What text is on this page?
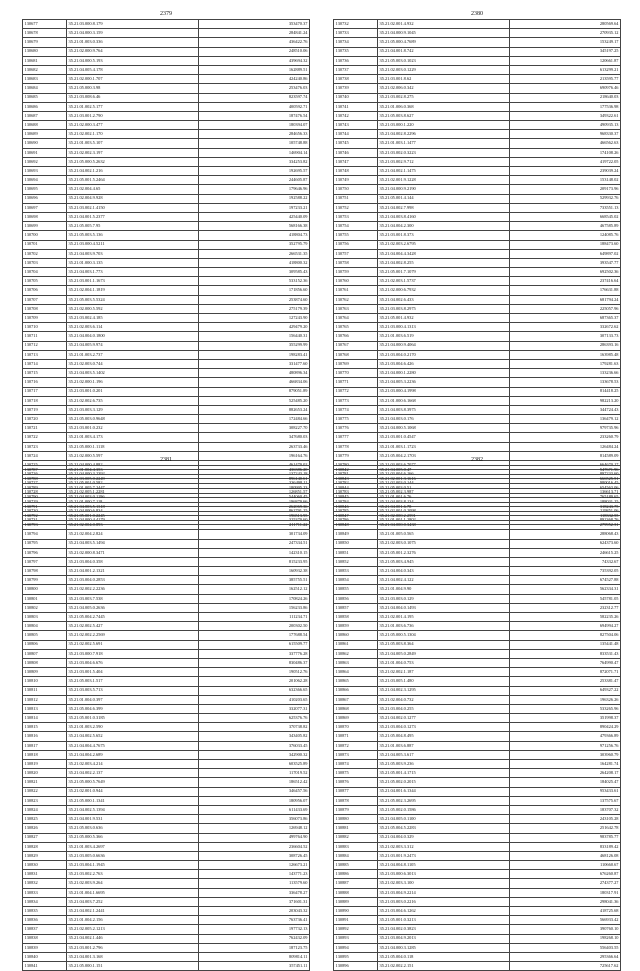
2379
130677	35.21.03.000.8.179	353470.37
130678	35.21.04.000.3.159	284841.24
130679	35.21.01.003.0.336	436422.76
130680	35.21.02.000.9.764	248510.06
130681	35.21.04.000.5.193	439694.32
130682	35.21.04.005.4.178	162889.51
130683	35.21.02.000.1.707	424240.86
130684	35.21.05.000.3.98	253476.03
130685	35.21.03.008.6.46	823597.74
130686	35.21.01.002.5.177	400592.71
130687	35.21.03.001.2.790	187476.54
130688	35.21.02.000.3.477	180394.07
130689	35.21.02.002.1.170	284656.33
130690	35.21.01.003.5.107	105748.88
130691	35.21.02.002.3.197	146904.14
130692	35.21.05.000.5.2632	334253.82
130693	35.21.04.002.1.216	192695.57
130694	35.21.05.001.5.2464	244605.87
130695	35.21.02.004.4.65	179646.96
130696	35.21.02.004.9.928	192588.22
130697	35.21.03.002.1.4150	197233.21
130698	35.21.04.001.5.2377	425440.09
130699	35.21.05.005.7.95	568166.38
130700	35.21.05.003.5.136	418804.73
130701	35.21.03.000.4.5211	352795.79
130702	35.21.04.003.9.703	266531.35
130703	35.21.01.000.3.135	418800.32
130704	35.21.04.003.1.773	309585.43
130705	35.21.03.001.1.1673	533152.36
130706	35.21.02.004.1.1819	171856.60
130707	35.21.05.003.5.5324	253874.60
130708	35.21.02.000.5.592	275179.39
130709	35.21.03.002.4.185	127243.90
130710	35.21.02.003.6.114	429479.20
130711	35.21.04.004.0.1800	156440.31
130712	35.21.04.005.9.974	355299.99
130713	35.21.01.003.2.737	198283.41
130714	35.21.02.003.0.744	331477.60
130715	35.21.04.003.5.1402	480896.34
130716	35.21.02.000.1.196	466834.06
130717	35.21.03.001.0.201	879051.89
130718	35.21.02.002.6.735	525485.20
130719	35.21.03.003.3.129	882653.24
130720	35.21.05.003.0.9648	172484.66
130721	35.21.03.001.0.232	308227.70
130722	35.21.01.003.4.173	347680.03
130723	35.21.05.000.1.1118	263733.46
130724	35.21.02.000.5.597	196164.76
130725	35.21.04.000.4.882	461479.02
130726	35.21.04.000.3.2392	137243.18
130727	35.21.05.001.0.582	336498.11
130728	35.21.02.005.1.2281	126851.57
130729	35.21.01.000.7.118	196879.66
130730	35.21.04.000.6.834	862791.25
130731	35.21.04.000.4.4179	325379.60
2380
130732	35.21.02.001.4.932	280569.64
130733	35.21.04.000.9.1045	270935.12
130734	35.21.05.000.4.7689	153249.17
130735	35.21.04.001.8.742	345197.25
130736	35.21.05.003.0.1023	120661.87
130737	35.21.02.003.0.1229	613299.21
130738	35.21.03.001.8.62	213595.77
130739	35.21.02.006.0.342	690976.46
130740	35.21.03.002.8.275	218640.03
130741	35.21.01.006.0.368	177536.98
130742	35.21.05.003.8.627	349322.61
130743	35.21.03.000.1.220	490935.13
130744	35.21.04.002.8.2296	968330.37
130745	35.21.01.003.1.1477	466562.63
130746	35.21.03.002.0.3223	174108.26
130747	35.21.03.002.9.712	419722.05
130748	35.21.04.002.1.1475	239039.24
130749	35.21.02.001.9.1228	153148.02
130750	35.21.04.000.9.2190	209173.96
130751	35.21.05.001.4.144	529932.76
130752	35.21.04.002.7.998	733551.13
130753	35.21.04.003.8.4160	668545.02
130754	35.21.04.004.2.300	467585.89
130755	35.21.03.001.8.373	124085.76
130756	35.21.02.003.2.6795	188473.60
130757	35.21.04.004.4.3428	649897.02
130758	35.21.04.002.8.255	393547.77
130759	35.21.05.001.7.1079	692502.36
130760	35.21.02.003.1.5737	237416.64
130761	35.21.02.000.6.7932	176631.88
130762	35.21.04.002.6.433	681794.24
130763	35.21.03.003.8.2975	225057.96
130764	35.21.05.001.4.932	687365.37
130765	35.21.03.000.4.1313	332672.62
130766	35.21.01.003.6.519	307133.73
130767	35.21.04.000.9.4064	286393.16
130768	35.21.03.004.0.2170	163985.48
130769	35.21.03.004.6.426	179281.63
130770	35.21.04.000.1.2280	133236.66
130771	35.21.04.005.3.2236	133678.53
130772	35.21.03.000.4.1998	814418.25
130773	35.21.01.000.6.1668	982213.20
130774	35.21.04.003.8.3975	344724.43
130775	35.21.04.003.0.176	136479.12
130776	35.21.04.000.5.1068	979735.96
130777	35.21.03.001.0.4547	233260.79
130778	35.21.01.003.1.1723	126484.24
130779	35.21.05.004.2.1703	814589.09
130780	35.21.03.003.6.7077	664670.17
130781	35.21.03.004.6.166	897233.60
130782	35.21.02.003.0.144	980016.45
130783	35.21.05.002.3.987	136613.71
130784	35.21.04.003.8.134	188031.25
130785	35.21.02.001.0.2098	219851.06
130786	35.21.01.001.1.2802	892368.76
2381
130787	35.21.01.004.4.353	436386.20
130788	35.21.03.005.0.2249	896140.61
130789	35.21.01.005.7.2447	180995.23
130790	35.21.04.003.0.1196	544060.45
130791	35.21.04.003.5.1318	262069.36
130792	35.21.05.001.0.2245	196513.95
130793	35.21.02.004.0.893	211711.22
130794	35.21.02.004.2.824	301734.09
130795	35.21.04.003.5.1494	247334.51
130796	35.21.02.000.8.3471	142310.15
130797	35.21.03.004.0.358	815233.95
130798	35.21.04.001.2.1321	160932.38
130799	35.21.03.004.0.2853	385755.51
130800	35.21.02.002.2.2236	162512.12
130801	35.21.03.003.7.538	170824.26
130802	35.21.04.005.0.2636	156233.86
130803	35.21.05.004.2.7445	111234.71
130804	35.21.02.002.5.427	200302.50
130805	35.21.02.002.2.2569	177688.54
130806	35.21.02.002.5.691	615509.77
130807	35.21.03.000.7.918	337776.28
130808	35.21.03.004.6.676	830486.37
130809	35.21.03.001.5.404	190512.76
130810	35.21.05.003.1.517	201062.28
130811	35.21.03.003.5.713	632366.65
130812	35.21.01.004.0.397	410203.65
130813	35.21.05.004.6.399	332077.31
130814	35.21.05.001.0.3185	625376.76
130815	35.21.01.003.2.590	370738.82
130816	35.21.04.002.5.652	343405.82
130817	35.21.04.004.4.7675	376033.45
130818	35.21.04.004.2.689	342900.32
130819	35.21.02.003.4.214	603525.89
130820	35.21.04.002.2.137	117019.52
130821	35.21.05.000.5.7649	186512.42
130822	35.21.02.001.0.944	346457.56
130823	35.21.05.000.1.1341	180956.07
130824	35.21.04.002.5.1394	611433.69
130825	35.21.04.001.9.531	356073.86
130826	35.21.05.003.0.636	126948.12
130827	35.21.05.000.5.366	499764.90
130828	35.21.01.003.4.2697	236604.52
130829	35.21.03.005.0.6636	308726.45
130830	35.21.03.004.1.1945	126673.21
130831	35.21.03.002.2.763	143771.23
130832	35.21.02.003.9.264	113579.60
130833	35.21.01.004.1.6695	336478.27
130834	35.21.04.003.7.252	371601.31
130835	35.21.04.002.1.2441	203043.32
130836	35.21.01.004.2.156	763736.41
130837	35.21.02.005.2.1213	197732.13
130838	35.21.04.002.1.446	762432.09
130839	35.21.03.001.2.796	187123.75
130840	35.21.04.001.3.168	809814.11
130841	35.21.05.000.1.151	357451.11
2382
130842	35.21.04.005.0.47	547671.96
130843	35.21.02.001.3.1616	666525.51
130844	35.21.05.003.0.51	654563.06
130845	35.21.01.001.6.76	765189.65
130846	35.21.04.001.6.78	318243.75
130847	35.21.02.000.2.2591	118332.55
130848	35.21.04.000.0.3438	279952.31
130849	35.21.01.005.0.565	288068.43
130850	35.21.02.003.0.1075	624373.60
130851	35.21.05.001.2.3276	246615.25
130852	35.21.05.003.4.945	74332.67
130853	35.21.04.004.0.343	735392.05
130854	35.21.04.002.4.122	674527.88
130855	35.21.01.004.9.90	562334.31
130856	35.21.03.003.0.129	545781.05
130857	35.21.04.004.0.1493	232312.77
130858	35.21.02.001.4.195	582235.26
130859	35.21.01.003.6.736	694994.27
130860	35.21.05.000.5.1304	827504.06
130861	35.21.05.003.8.364	135441.48
130862	35.21.04.005.0.2849	833531.43
130863	35.21.01.004.0.753	764990.47
130864	35.21.02.002.1.187	872071.71
130865	35.21.03.005.1.480	253381.47
130866	35.21.04.002.3.1295	649327.22
130867	35.21.02.004.0.732	196326.26
130868	35.21.03.004.0.255	533265.96
130869	35.21.04.002.0.1277	351998.37
130870	35.21.03.004.0.1273	890424.29
130871	35.21.05.004.8.495	479366.89
130872	35.21.01.003.6.887	971256.76
130873	35.21.04.005.3.617	303960.79
130874	35.21.05.003.9.236	164281.74
130875	35.21.05.001.4.1715	264208.17
130876	35.21.05.002.0.2015	184025.47
130877	35.21.04.001.6.1344	953433.61
130878	35.21.05.002.3.2695	137575.67
130879	35.21.05.002.0.1586	183707.32
130880	35.21.04.005.0.1100	243105.28
130881	35.21.05.004.5.2283	251642.78
130882	35.21.04.004.0.329	983785.77
130883	35.21.02.003.3.312	833189.42
130884	35.21.03.001.9.2473	468126.08
130885	35.21.04.004.8.1105	110660.67
130886	35.21.03.000.6.3013	676260.87
130887	35.21.02.003.3.100	274377.27
130888	35.21.03.004.9.2214	180317.91
130889	35.21.03.003.0.2216	298041.36
130890	35.21.03.004.6.1262	418725.68
130891	35.21.05.001.0.3213	566933.42
130892	35.21.04.002.0.3823	390760.10
130893	35.21.03.004.9.2013	198268.10
130894	35.21.04.000.3.1285	556403.55
130895	35.21.05.004.0.118	295366.64
130896	35.21.02.002.2.151	725617.62
